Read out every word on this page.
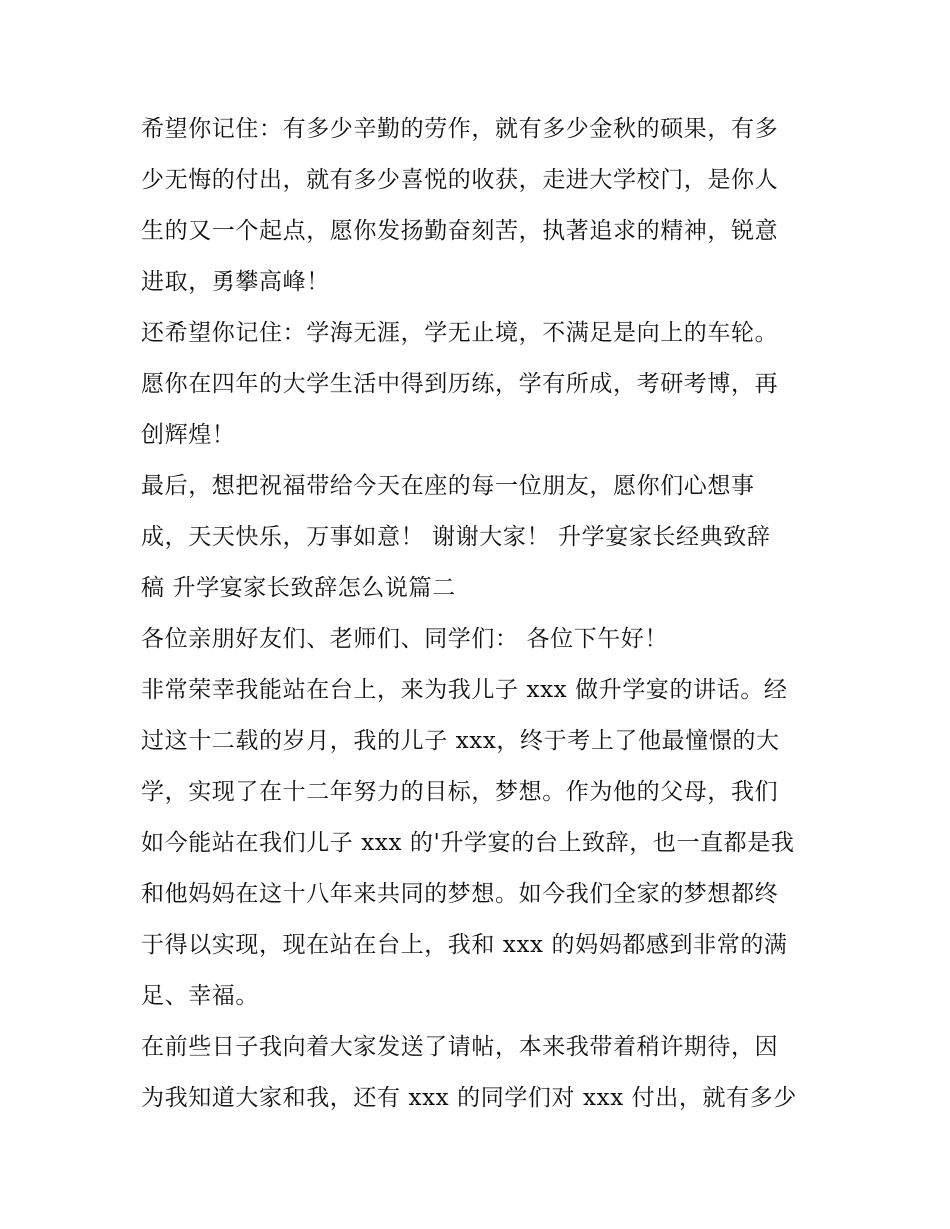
希望你记住：有多少辛勤的劳作，就有多少金秋的硕果，有多
少无悔的付出，就有多少喜悦的收获，走进大学校门，是你人
生的又一个起点，愿你发扬勤奋刻苦，执著追求的精神，锐意
进取，勇攀高峰！
还希望你记住：学海无涯，学无止境，不满足是向上的车轮。
愿你在四年的大学生活中得到历练，学有所成，考研考博，再
创辉煌！
最后，想把祝福带给今天在座的每一位朋友，愿你们心想事
成，天天快乐，万事如意！ 谢谢大家！ 升学宴家长经典致辞
稿 升学宴家长致辞怎么说篇二
各位亲朋好友们、老师们、同学们： 各位下午好！
非常荣幸我能站在台上，来为我儿子 xxx 做升学宴的讲话。经
过这十二载的岁月，我的儿子 xxx，终于考上了他最憧憬的大
学，实现了在十二年努力的目标，梦想。作为他的父母，我们
如今能站在我们儿子 xxx 的'升学宴的台上致辞，也一直都是我
和他妈妈在这十八年来共同的梦想。如今我们全家的梦想都终
于得以实现，现在站在台上，我和 xxx 的妈妈都感到非常的满
足、幸福。
在前些日子我向着大家发送了请帖，本来我带着稍许期待，因
为我知道大家和我，还有 xxx 的同学们对 xxx 付出，就有多少
